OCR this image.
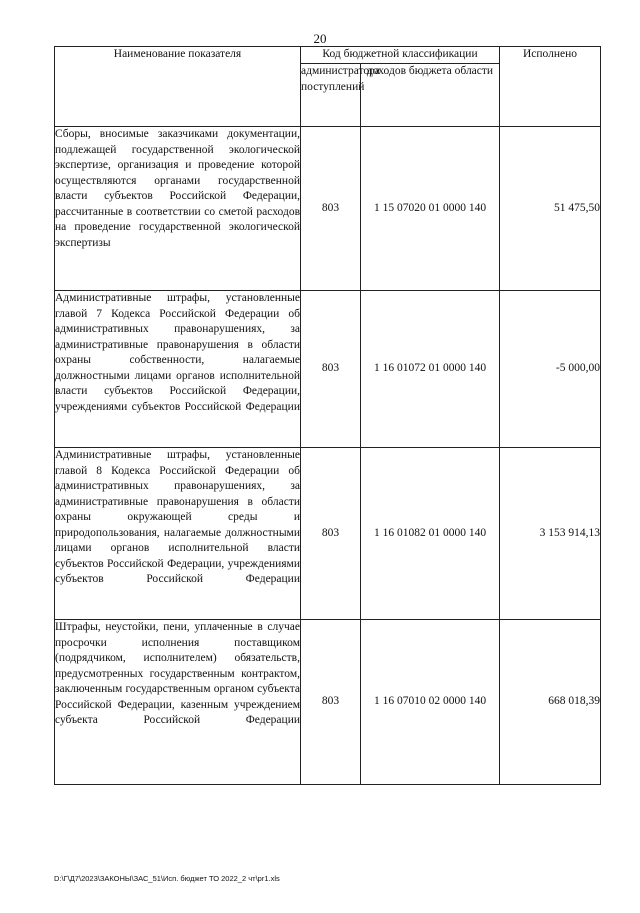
20
Наименование показателя	Код бюджетной классификации		Исполнено
	администратора поступлений	доходов бюджета области	
Сборы, вносимые заказчиками документации, подлежащей государственной экологической экспертизе, организация и проведение которой осуществляются органами государственной власти субъектов Российской Федерации, рассчитанные в соответствии со сметой расходов на проведение государственной экологической экспертизы	803	1 15 07020 01 0000 140	51 475,50
Административные штрафы, установленные главой 7 Кодекса Российской Федерации об административных правонарушениях, за административные правонарушения в области охраны собственности, налагаемые должностными лицами органов исполнительной власти субъектов Российской Федерации, учреждениями субъектов Российской Федерации	803	1 16 01072 01 0000 140	-5 000,00
Административные штрафы, установленные главой 8 Кодекса Российской Федерации об административных правонарушениях, за административные правонарушения в области охраны окружающей среды и природопользования, налагаемые должностными лицами органов исполнительной власти субъектов Российской Федерации, учреждениями субъектов Российской Федерации	803	1 16 01082 01 0000 140	3 153 914,13
Штрафы, неустойки, пени, уплаченные в случае просрочки исполнения поставщиком (подрядчиком, исполнителем) обязательств, предусмотренных государственным контрактом, заключенным государственным органом субъекта Российской Федерации, казенным учреждением субъекта Российской Федерации	803	1 16 07010 02 0000 140	668 018,39
D:\Г\Д7\2023\ЗАКОНЫ\ЗАС_51\Исп. бюджет ТО 2022_2 чт\pr1.xls
